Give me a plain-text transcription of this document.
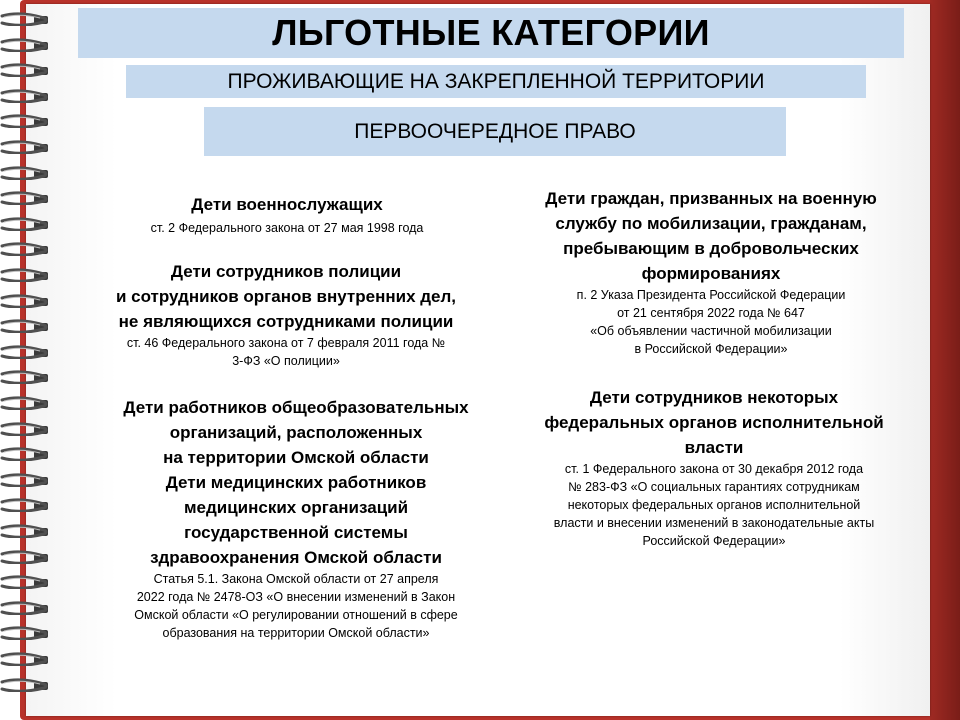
ЛЬГОТНЫЕ КАТЕГОРИИ
ПРОЖИВАЮЩИЕ НА ЗАКРЕПЛЕННОЙ ТЕРРИТОРИИ
ПЕРВООЧЕРЕДНОЕ ПРАВО
Дети военнослужащих
ст. 2 Федерального закона от 27 мая 1998 года
Дети сотрудников полиции
и сотрудников органов внутренних дел,
не являющихся сотрудниками полиции
ст. 46 Федерального закона от 7 февраля 2011 года №
3-ФЗ «О полиции»
Дети работников общеобразовательных
организаций, расположенных
на территории Омской области
Дети медицинских работников
медицинских организаций
государственной системы
здравоохранения Омской области
Статья 5.1. Закона Омской области от 27 апреля
2022 года № 2478-ОЗ «О внесении изменений в Закон
Омской области «О регулировании отношений в сфере
образования на территории Омской области»
Дети граждан, призванных на военную
службу по мобилизации, гражданам,
пребывающим в добровольческих
формированиях
п. 2 Указа Президента Российской Федерации
от 21 сентября 2022 года № 647
«Об объявлении частичной мобилизации
в Российской Федерации»
Дети сотрудников некоторых
федеральных органов исполнительной
власти
ст. 1 Федерального закона от 30 декабря 2012 года
№ 283-ФЗ «О социальных гарантиях сотрудникам
некоторых федеральных органов исполнительной
власти и внесении изменений в законодательные акты
Российской Федерации»
